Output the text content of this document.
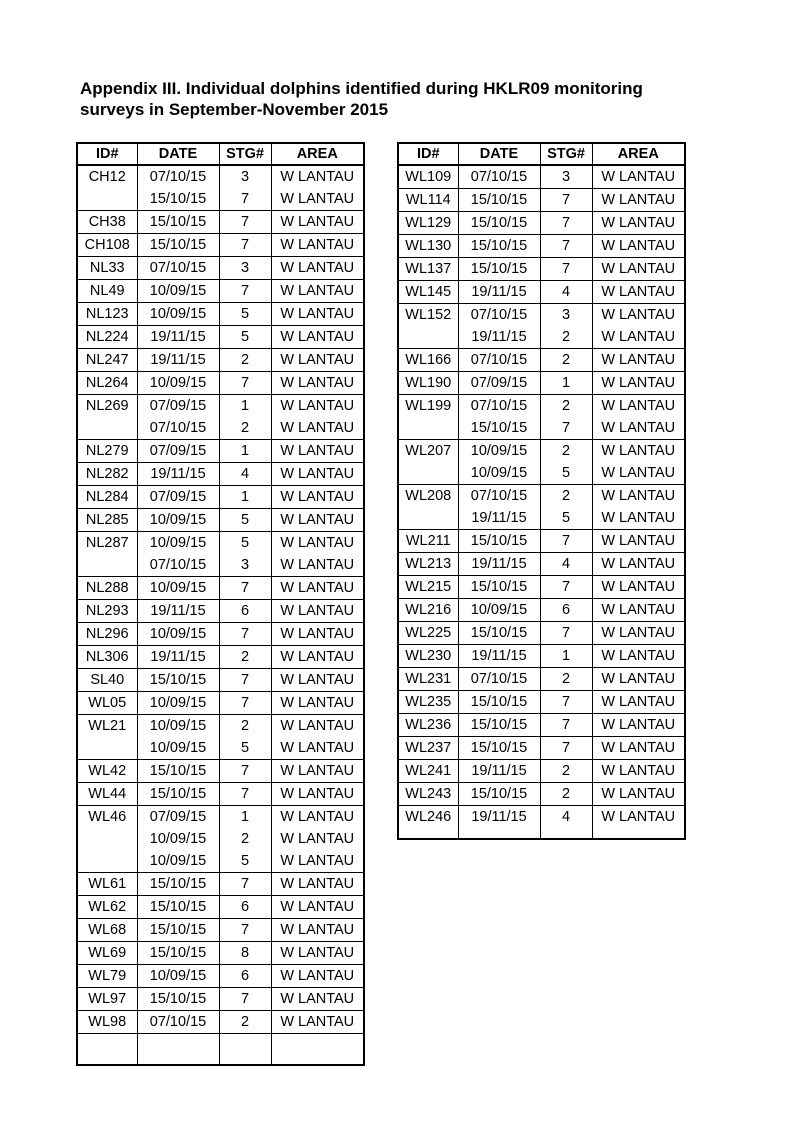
Appendix III. Individual dolphins identified during HKLR09 monitoring
surveys in September-November 2015

ID#	DATE	STG#	AREA
CH12	07/10/15	3	W LANTAU
	15/10/15	7	W LANTAU
CH38	15/10/15	7	W LANTAU
CH108	15/10/15	7	W LANTAU
NL33	07/10/15	3	W LANTAU
NL49	10/09/15	7	W LANTAU
NL123	10/09/15	5	W LANTAU
NL224	19/11/15	5	W LANTAU
NL247	19/11/15	2	W LANTAU
NL264	10/09/15	7	W LANTAU
NL269	07/09/15	1	W LANTAU
	07/10/15	2	W LANTAU
NL279	07/09/15	1	W LANTAU
NL282	19/11/15	4	W LANTAU
NL284	07/09/15	1	W LANTAU
NL285	10/09/15	5	W LANTAU
NL287	10/09/15	5	W LANTAU
	07/10/15	3	W LANTAU
NL288	10/09/15	7	W LANTAU
NL293	19/11/15	6	W LANTAU
NL296	10/09/15	7	W LANTAU
NL306	19/11/15	2	W LANTAU
SL40	15/10/15	7	W LANTAU
WL05	10/09/15	7	W LANTAU
WL21	10/09/15	2	W LANTAU
	10/09/15	5	W LANTAU
WL42	15/10/15	7	W LANTAU
WL44	15/10/15	7	W LANTAU
WL46	07/09/15	1	W LANTAU
	10/09/15	2	W LANTAU
	10/09/15	5	W LANTAU
WL61	15/10/15	7	W LANTAU
WL62	15/10/15	6	W LANTAU
WL68	15/10/15	7	W LANTAU
WL69	15/10/15	8	W LANTAU
WL79	10/09/15	6	W LANTAU
WL97	15/10/15	7	W LANTAU
WL98	07/10/15	2	W LANTAU

ID#	DATE	STG#	AREA
WL109	07/10/15	3	W LANTAU
WL114	15/10/15	7	W LANTAU
WL129	15/10/15	7	W LANTAU
WL130	15/10/15	7	W LANTAU
WL137	15/10/15	7	W LANTAU
WL145	19/11/15	4	W LANTAU
WL152	07/10/15	3	W LANTAU
	19/11/15	2	W LANTAU
WL166	07/10/15	2	W LANTAU
WL190	07/09/15	1	W LANTAU
WL199	07/10/15	2	W LANTAU
	15/10/15	7	W LANTAU
WL207	10/09/15	2	W LANTAU
	10/09/15	5	W LANTAU
WL208	07/10/15	2	W LANTAU
	19/11/15	5	W LANTAU
WL211	15/10/15	7	W LANTAU
WL213	19/11/15	4	W LANTAU
WL215	15/10/15	7	W LANTAU
WL216	10/09/15	6	W LANTAU
WL225	15/10/15	7	W LANTAU
WL230	19/11/15	1	W LANTAU
WL231	07/10/15	2	W LANTAU
WL235	15/10/15	7	W LANTAU
WL236	15/10/15	7	W LANTAU
WL237	15/10/15	7	W LANTAU
WL241	19/11/15	2	W LANTAU
WL243	15/10/15	2	W LANTAU
WL246	19/11/15	4	W LANTAU
